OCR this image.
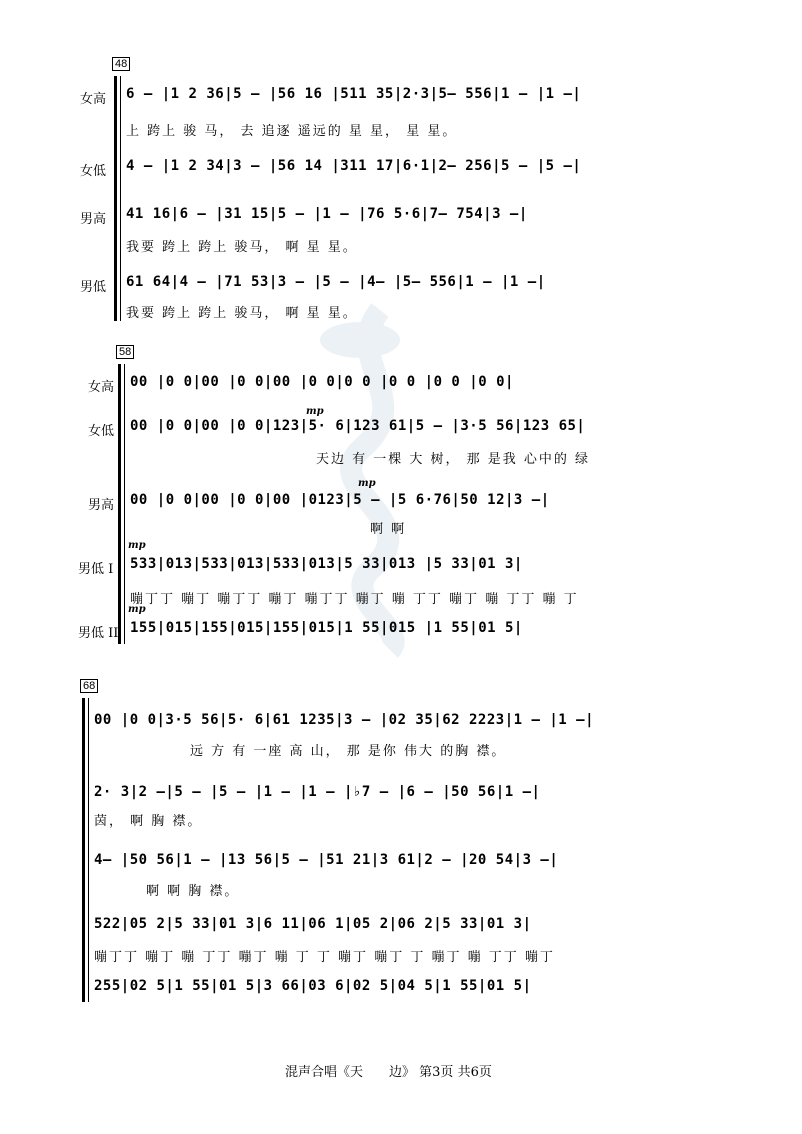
48
女高 6 – |1 2 36|5 – |56 16 |511 35|2·3|5– 556|1 – |1 –|
上 跨上 骏 马， 去 追逐 遥远的 星 星， 星 星。
女低 4 – |1 2 34|3 – |56 14 |311 17|6·1|2– 256|5 – |5 –|
男高 41 16|6 – |31 15|5 – |1 – |76 5·6|7– 754|3 –|
我要 跨上 跨上 骏马， 啊 星 星。
男低 61 64|4 – |71 53|3 – |5 – |4– |5– 556|1 – |1 –|
我要 跨上 跨上 骏马， 啊 星 星。
58
女高 00 |0 0|00 |0 0|00 |0 0|0 0 |0 0 |0 0 |0 0|
mp
女低 00 |0 0|00 |0 0|123|5· 6|123 61|5 – |3·5 56|123 65|
天边 有 一棵 大 树， 那 是我 心中的 绿
mp
男高 00 |0 0|00 |0 0|00 |0123|5 – |5 6·76|50 12|3 –|
啊 啊
mp
男低 I 533|013|533|013|533|013|5 33|013 |5 33|01 3|
嘣丁丁 嘣丁 嘣丁丁 嘣丁 嘣丁丁 嘣丁 嘣 丁丁 嘣丁 嘣 丁丁 嘣 丁
mp
男低 II 155|015|155|015|155|015|1 55|015 |1 55|01 5|
68
00 |0 0|3·5 56|5· 6|61 1235|3 – |02 35|62 2223|1 – |1 –|
远 方 有 一座 高 山， 那 是你 伟大 的胸 襟。
2· 3|2 –|5 – |5 – |1 – |1 – |♭7 – |6 – |50 56|1 –|
茵， 啊 胸 襟。
4– |50 56|1 – |13 56|5 – |51 21|3 61|2 – |20 54|3 –|
啊 啊 胸 襟。
522|05 2|5 33|01 3|6 11|06 1|05 2|06 2|5 33|01 3|
嘣丁丁 嘣丁 嘣 丁丁 嘣丁 嘣 丁 丁 嘣丁 嘣丁 丁 嘣丁 嘣 丁丁 嘣丁
255|02 5|1 55|01 5|3 66|03 6|02 5|04 5|1 55|01 5|
混声合唱《天　　边》 第3页 共6页
